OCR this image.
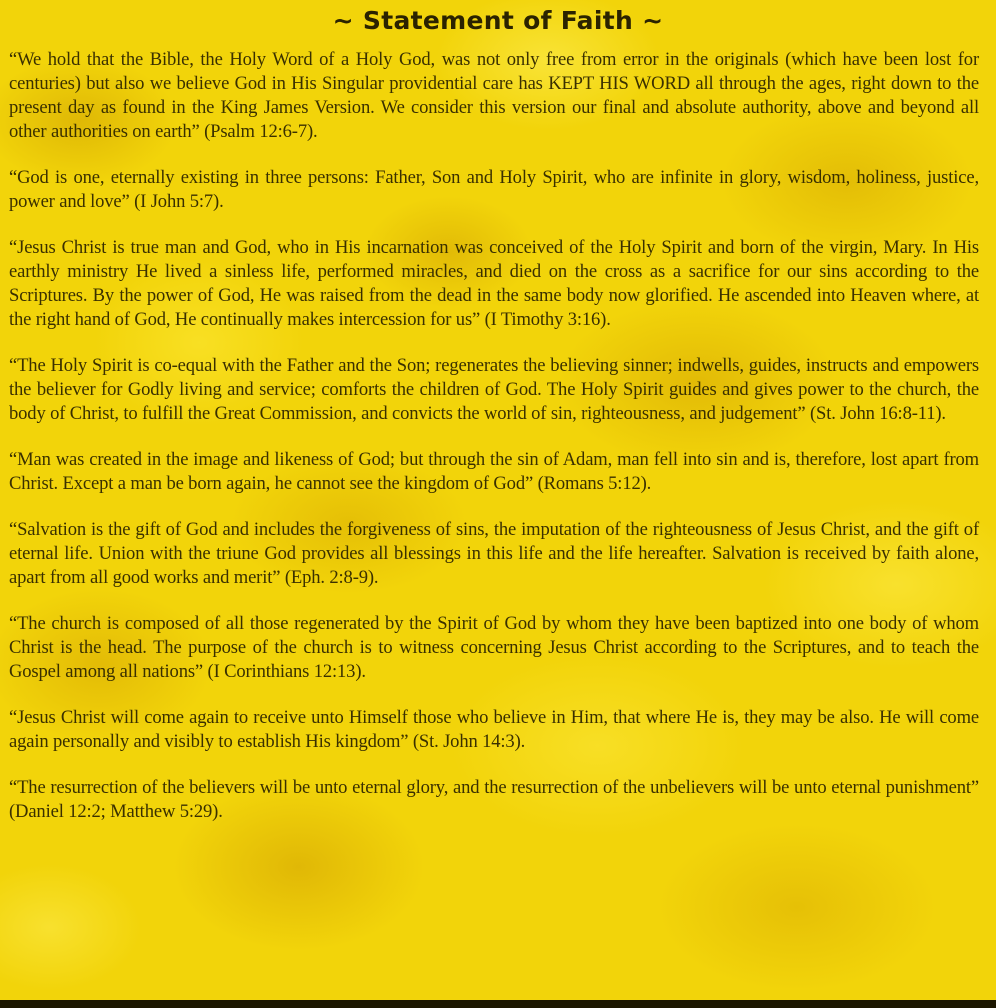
~ Statement of Faith ~

“We hold that the Bible, the Holy Word of a Holy God, was not only free from error in the originals (which have been lost for centuries) but also we believe God in His Singular providential care has KEPT HIS WORD all through the ages, right down to the present day as found in the King James Version. We consider this version our final and absolute authority, above and beyond all other authorities on earth” (Psalm 12:6-7).

“God is one, eternally existing in three persons: Father, Son and Holy Spirit, who are infinite in glory, wisdom, holiness, justice, power and love” (I John 5:7).

“Jesus Christ is true man and God, who in His incarnation was conceived of the Holy Spirit and born of the virgin, Mary. In His earthly ministry He lived a sinless life, performed miracles, and died on the cross as a sacrifice for our sins according to the Scriptures. By the power of God, He was raised from the dead in the same body now glorified. He ascended into Heaven where, at the right hand of God, He continually makes intercession for us” (I Timothy 3:16).

“The Holy Spirit is co-equal with the Father and the Son; regenerates the believing sinner; indwells, guides, instructs and empowers the believer for Godly living and service; comforts the children of God. The Holy Spirit guides and gives power to the church, the body of Christ, to fulfill the Great Commission, and convicts the world of sin, righteousness, and judgement” (St. John 16:8-11).

“Man was created in the image and likeness of God; but through the sin of Adam, man fell into sin and is, therefore, lost apart from Christ. Except a man be born again, he cannot see the kingdom of God” (Romans 5:12).

“Salvation is the gift of God and includes the forgiveness of sins, the imputation of the righteousness of Jesus Christ, and the gift of eternal life. Union with the triune God provides all blessings in this life and the life hereafter. Salvation is received by faith alone, apart from all good works and merit” (Eph. 2:8-9).

“The church is composed of all those regenerated by the Spirit of God by whom they have been baptized into one body of whom Christ is the head. The purpose of the church is to witness concerning Jesus Christ according to the Scriptures, and to teach the Gospel among all nations” (I Corinthians 12:13).

“Jesus Christ will come again to receive unto Himself those who believe in Him, that where He is, they may be also. He will come again personally and visibly to establish His kingdom” (St. John 14:3).

“The resurrection of the believers will be unto eternal glory, and the resurrection of the unbelievers will be unto eternal punishment” (Daniel 12:2; Matthew 5:29).
